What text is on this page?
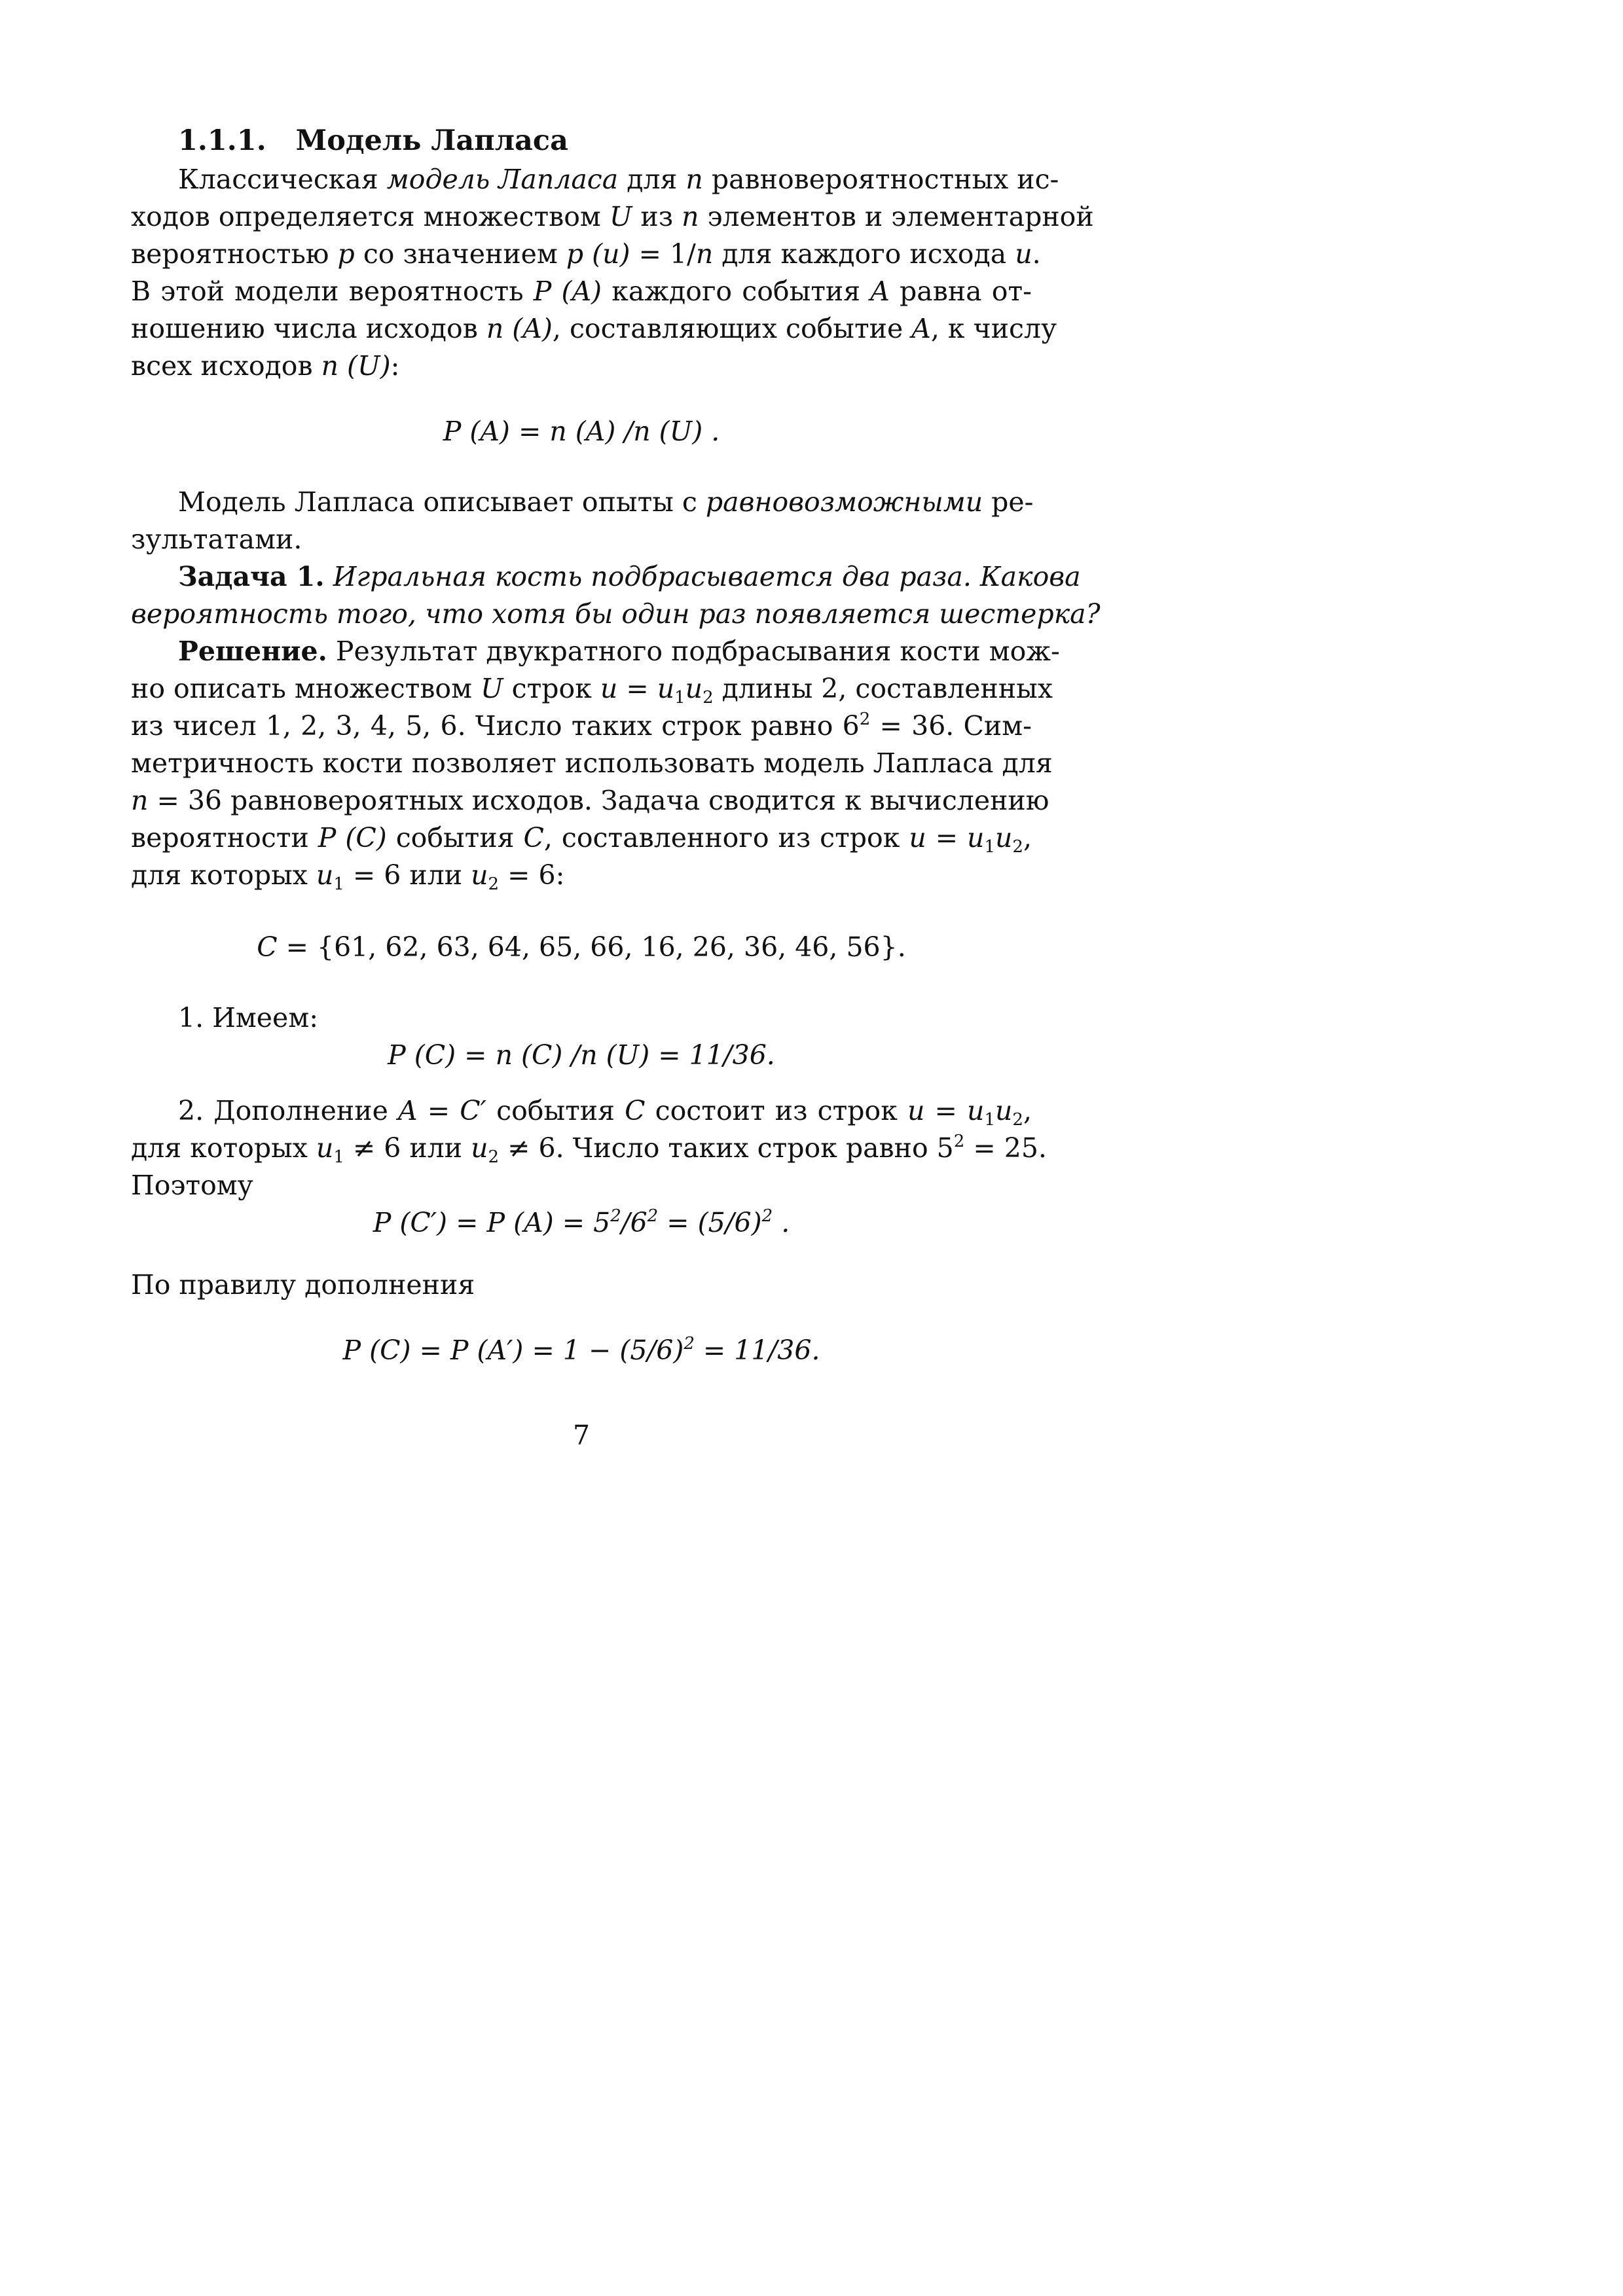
1.1.1. Модель Лапласа
Классическая модель Лапласа для n равновероятностных ис-
ходов определяется множеством U из n элементов и элементарной
вероятностью p со значением p (u) = 1/n для каждого исхода u.
В этой модели вероятность P (A) каждого события A равна от-
ношению числа исходов n (A), составляющих событие A, к числу
всех исходов n (U):
P (A) = n (A) /n (U) .
Модель Лапласа описывает опыты с равновозможными ре-
зультатами.
Задача 1. Игральная кость подбрасывается два раза. Какова
вероятность того, что хотя бы один раз появляется шестерка?
Решение. Результат двукратного подбрасывания кости мож-
но описать множеством U строк $u = u_1u_2$ длины 2, составленных
из чисел 1, 2, 3, 4, 5, 6. Число таких строк равно $6^2 = 36$. Сим-
метричность кости позволяет использовать модель Лапласа для
n = 36 равновероятных исходов. Задача сводится к вычислению
вероятности P (C) события C, составленного из строк $u = u_1u_2$,
для которых $u_1 = 6$ или $u_2 = 6$:
C = {61, 62, 63, 64, 65, 66, 16, 26, 36, 46, 56}.
1. Имеем:
P (C) = n (C) /n (U) = 11/36.
2. Дополнение A = C′ события C состоит из строк $u = u_1u_2$,
для которых $u_1 \ne 6$ или $u_2 \ne 6$. Число таких строк равно $5^2 = 25$.
Поэтому
P (C′) = P $(A) = 5^2/6^2 = (5/6)^2$ .
По правилу дополнения
P (C) = P $(A') = 1 - (5/6)^2 = 11/36$.
7
